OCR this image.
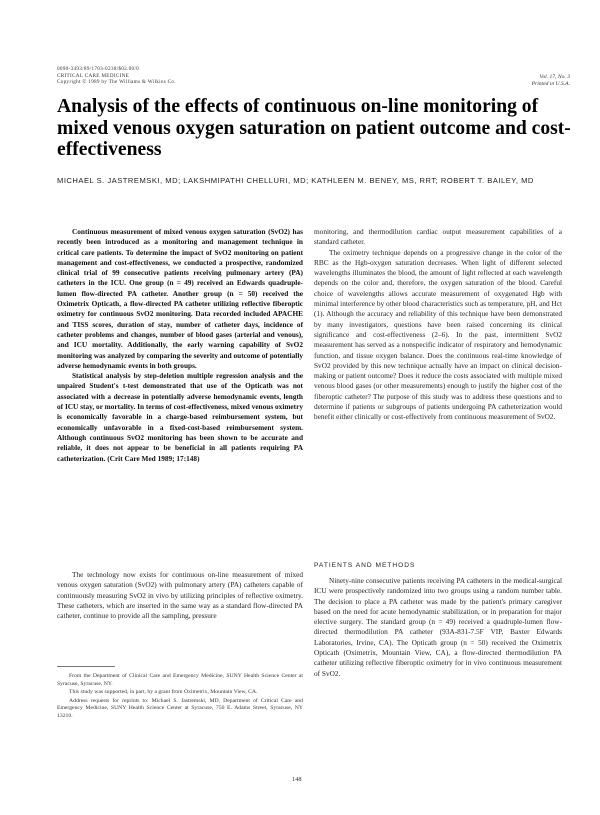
0090-3493/89/1703-0238/$02.00/0
CRITICAL CARE MEDICINE
Copyright © 1989 by The Williams & Wilkins Co.
Vol. 17, No. 3
Printed in U.S.A.
Analysis of the effects of continuous on-line monitoring of mixed venous oxygen saturation on patient outcome and cost-effectiveness

MICHAEL S. JASTREMSKI, MD; LAKSHMIPATHI CHELLURI, MD; KATHLEEN M. BENEY, MS, RRT; ROBERT T. BAILEY, MD

Continuous measurement of mixed venous oxygen saturation (SvO2) has recently been introduced as a monitoring and management technique in critical care patients. To determine the impact of SvO2 monitoring on patient management and cost-effectiveness, we conducted a prospective, randomized clinical trial of 99 consecutive patients receiving pulmonary artery (PA) catheters in the ICU. One group (n = 49) received an Edwards quadruple-lumen flow-directed PA catheter. Another group (n = 50) received the Oximetrix Opticath, a flow-directed PA catheter utilizing reflective fiberoptic oximetry for continuous SvO2 monitoring. Data recorded included APACHE and TISS scores, duration of stay, number of catheter days, incidence of catheter problems and changes, number of blood gases (arterial and venous), and ICU mortality. Additionally, the early warning capability of SvO2 monitoring was analyzed by comparing the severity and outcome of potentially adverse hemodynamic events in both groups.

Statistical analysis by step-deletion multiple regression analysis and the unpaired Student's t-test demonstrated that use of the Opticath was not associated with a decrease in potentially adverse hemodynamic events, length of ICU stay, or mortality. In terms of cost-effectiveness, mixed venous oximetry is economically favorable in a charge-based reimbursement system, but economically unfavorable in a fixed-cost-based reimbursement system. Although continuous SvO2 monitoring has been shown to be accurate and reliable, it does not appear to be beneficial in all patients requiring PA catheterization. (Crit Care Med 1989; 17:148)

The technology now exists for continuous on-line measurement of mixed venous oxygen saturation (SvO2) with pulmonary artery (PA) catheters capable of continuously measuring SvO2 in vivo by utilizing principles of reflective oximetry. These catheters, which are inserted in the same way as a standard flow-directed PA catheter, continue to provide all the sampling, pressure

From the Department of Clinical Care and Emergency Medicine, SUNY Health Science Center at Syracuse, Syracuse, NY.

This study was supported, in part, by a grant from Oximetrix, Mountain View, CA.

Address requests for reprints to: Michael S. Jastremski, MD, Department of Critical Care and Emergency Medicine, SUNY Health Science Center at Syracuse, 750 E. Adams Street, Syracuse, NY 13210.

monitoring, and thermodilution cardiac output measurement capabilities of a standard catheter.

The oximetry technique depends on a progressive change in the color of the RBC as the Hgb-oxygen saturation decreases. When light of different selected wavelengths illuminates the blood, the amount of light reflected at each wavelength depends on the color and, therefore, the oxygen saturation of the blood. Careful choice of wavelengths allows accurate measurement of oxygenated Hgb with minimal interference by other blood characteristics such as temperature, pH, and Hct (1). Although the accuracy and reliability of this technique have been demonstrated by many investigators, questions have been raised concerning its clinical significance and cost-effectiveness (2–6). In the past, intermittent SvO2 measurement has served as a nonspecific indicator of respiratory and hemodynamic function, and tissue oxygen balance. Does the continuous real-time knowledge of SvO2 provided by this new technique actually have an impact on clinical decision-making or patient outcome? Does it reduce the costs associated with multiple mixed venous blood gases (or other measurements) enough to justify the higher cost of the fiberoptic catheter? The purpose of this study was to address these questions and to determine if patients or subgroups of patients undergoing PA catheterization would benefit either clinically or cost-effectively from continuous measurement of SvO2.

PATIENTS AND METHODS

Ninety-nine consecutive patients receiving PA catheters in the medical-surgical ICU were prospectively randomized into two groups using a random number table. The decision to place a PA catheter was made by the patient's primary caregiver based on the need for acute hemodynamic stabilization, or in preparation for major elective surgery. The standard group (n = 49) received a quadruple-lumen flow-directed thermodilution PA catheter (93A-831-7.5F VIP, Baxter Edwards Laboratories, Irvine, CA). The Opticath group (n = 50) received the Oximetrix Opticath (Oximetrix, Mountain View, CA), a flow-directed thermodilution PA catheter utilizing reflective fiberoptic oximetry for in vivo continuous measurement of SvO2.

148
